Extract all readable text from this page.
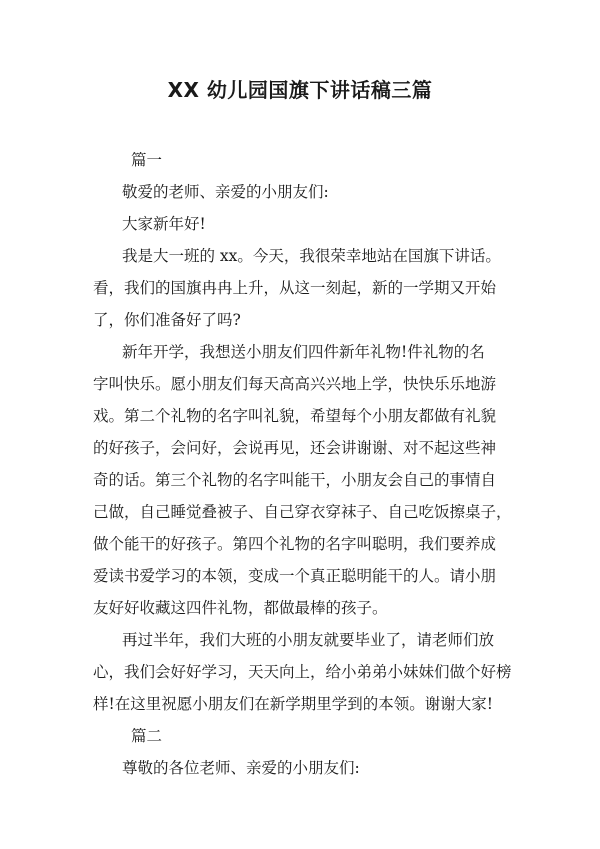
XX 幼儿园国旗下讲话稿三篇
篇一
敬爱的老师、亲爱的小朋友们:
大家新年好!
我是大一班的 xx。今天，我很荣幸地站在国旗下讲话。
看，我们的国旗冉冉上升，从这一刻起，新的一学期又开始
了，你们准备好了吗?
新年开学，我想送小朋友们四件新年礼物!件礼物的名
字叫快乐。愿小朋友们每天高高兴兴地上学，快快乐乐地游
戏。第二个礼物的名字叫礼貌，希望每个小朋友都做有礼貌
的好孩子，会问好，会说再见，还会讲谢谢、对不起这些神
奇的话。第三个礼物的名字叫能干，小朋友会自己的事情自
己做，自己睡觉叠被子、自己穿衣穿袜子、自己吃饭擦桌子，
做个能干的好孩子。第四个礼物的名字叫聪明，我们要养成
爱读书爱学习的本领，变成一个真正聪明能干的人。请小朋
友好好收藏这四件礼物，都做最棒的孩子。
再过半年，我们大班的小朋友就要毕业了，请老师们放
心，我们会好好学习，天天向上，给小弟弟小妹妹们做个好榜
样!在这里祝愿小朋友们在新学期里学到的本领。谢谢大家!
篇二
尊敬的各位老师、亲爱的小朋友们:
